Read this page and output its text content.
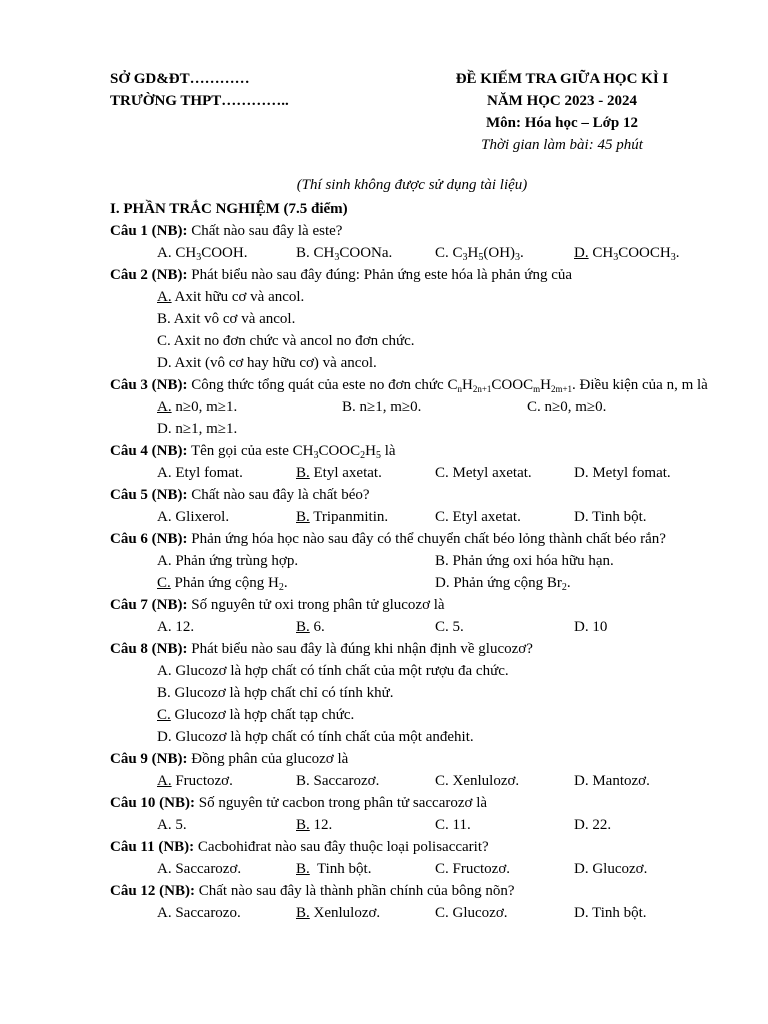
SỞ GD&ĐT…………
TRƯỜNG THPT…………..
ĐỀ KIẾM TRA GIỮA HỌC KÌ I
NĂM HỌC 2023 - 2024
Môn: Hóa học – Lớp 12
Thời gian làm bài: 45 phút
(Thí sinh không được sử dụng tài liệu)
I. PHẦN TRẮC NGHIỆM (7.5 điểm)
Câu 1 (NB): Chất nào sau đây là este?
A. $CH_3COOH$.	B. $CH_3COONa$.	C. $C_3H_5(OH)_3$.	D. $CH_3COOCH_3$.
Câu 2 (NB): Phát biểu nào sau đây đúng: Phản ứng este hóa là phản ứng của
A. Axit hữu cơ và ancol.
B. Axit vô cơ và ancol.
C. Axit no đơn chức và ancol no đơn chức.
D. Axit (vô cơ hay hữu cơ) và ancol.
Câu 3 (NB): Công thức tổng quát của este no đơn chức $C_nH_{2n+1}COOC_mH_{2m+1}$. Điều kiện của n, m là
A. n≥0, m≥1.	B. n≥1, m≥0.	C. n≥0, m≥0.
D. n≥1, m≥1.
Câu 4 (NB): Tên gọi của este $CH_3COOC_2H_5$ là
A. Etyl fomat.	B. Etyl axetat.	C. Metyl axetat.	D. Metyl fomat.
Câu 5 (NB): Chất nào sau đây là chất béo?
A. Glixerol.	B. Tripanmitin.	C. Etyl axetat.	D. Tinh bột.
Câu 6 (NB): Phản ứng hóa học nào sau đây có thể chuyển chất béo lỏng thành chất béo rắn?
A. Phản ứng trùng hợp.	B. Phản ứng oxi hóa hữu hạn.
C. Phản ứng cộng $H_2$.	D. Phản ứng cộng $Br_2$.
Câu 7 (NB): Số nguyên tử oxi trong phân tử glucozơ là
A. 12.	B. 6.	C. 5.	D. 10
Câu 8 (NB): Phát biểu nào sau đây là đúng khi nhận định về glucozơ?
A. Glucozơ là hợp chất có tính chất của một rượu đa chức.
B. Glucozơ là hợp chất chỉ có tính khử.
C. Glucozơ là hợp chất tạp chức.
D. Glucozơ là hợp chất có tính chất của một anđehit.
Câu 9 (NB): Đồng phân của glucozơ là
A. Fructozơ.	B. Saccarozơ.	C. Xenlulozơ.	D. Mantozơ.
Câu 10 (NB): Số nguyên tử cacbon trong phân tử saccarozơ là
A. 5.	B. 12.	C. 11.	D. 22.
Câu 11 (NB): Cacbohiđrat nào sau đây thuộc loại polisaccarit?
A. Saccarozơ.	B. Tinh bột.	C. Fructozơ.	D. Glucozơ.
Câu 12 (NB): Chất nào sau đây là thành phần chính của bông nõn?
A. Saccarozo.	B. Xenlulozơ.	C. Glucozơ.	D. Tinh bột.
